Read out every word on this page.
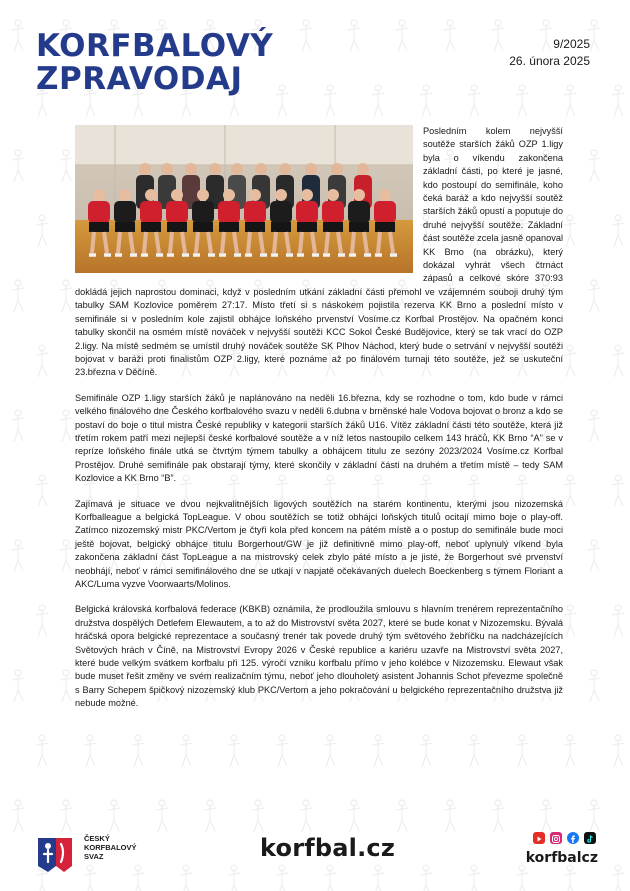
KORFBALOVÝ
ZPRAVODAJ
9/2025
26. února 2025

Posledním kolem nejvyšší soutěže starších žáků OZP 1.ligy byla o víkendu zakončena základní části, po které je jasné, kdo postoupí do semifinále, koho čeká baráž a kdo nejvyšší soutěž starších žáků opustí a poputuje do druhé nejvyšší soutěže. Základní část soutěže zcela jasně opanoval KK Brno (na obrázku), který dokázal vyhrát všech čtrnáct zápasů a celkové skóre 370:93 dokládá jejich naprostou dominaci, když v posledním utkání základní části přemohl ve vzájemném souboji druhý tým tabulky SAM Kozlovice poměrem 27:17. Místo třetí si s náskokem pojistila rezerva KK Brno a poslední místo v semifinále si v posledním kole zajistil obhájce loňského prvenství Vosíme.cz Korfbal Prostějov. Na opačném konci tabulky skončil na osmém místě nováček v nejvyšší soutěži KCC Sokol České Budějovice, který se tak vrací do OZP 2.ligy. Na místě sedmém se umístil druhý nováček soutěže SK Plhov Náchod, který bude o setrvání v nejvyšší soutěži bojovat v baráži proti finalistům OZP 2.ligy, které poznáme až po finálovém turnaji této soutěže, jež se uskuteční 23.března v Děčíně.

Semifinále OZP 1.ligy starších žáků je naplánováno na neděli 16.března, kdy se rozhodne o tom, kdo bude v rámci velkého finálového dne Českého korfbalového svazu v neděli 6.dubna v brněnské hale Vodova bojovat o bronz a kdo se postaví do boje o titul mistra České republiky v kategorii starších žáků U16. Vítěz základní části této soutěže, která již třetím rokem patří mezi nejlepší české korfbalové soutěže a v níž letos nastoupilo celkem 143 hráčů, KK Brno “A” se v repríze loňského finále utká se čtvrtým týmem tabulky a obhájcem titulu ze sezóny 2023/2024 Vosíme.cz Korfbal Prostějov. Druhé semifinále pak obstarají týmy, které skončily v základní části na druhém a třetím místě – tedy SAM Kozlovice a KK Brno “B”.

Zajímavá je situace ve dvou nejkvalitnějších ligových soutěžích na starém kontinentu, kterými jsou nizozemská Korfballeague a belgická TopLeague. V obou soutěžích se totiž obhájci loňských titulů ocitají mimo boje o play-off. Zatímco nizozemský mistr PKC/Vertom je čtyři kola před koncem na pátém místě a o postup do semifinále bude moci ještě bojovat, belgický obhájce titulu Borgerhout/GW je již definitivně mimo play-off, neboť uplynulý víkend byla zakončena základní část TopLeague a na mistrovský celek zbylo páté místo a je jisté, že Borgerhout své prvenství neobhájí, neboť v rámci semifinálového dne se utkají v napjatě očekávaných duelech Boeckenberg s týmem Floriant a AKC/Luma vyzve Voorwaarts/Molinos.

Belgická královská korfbalová federace (KBKB) oznámila, že prodloužila smlouvu s hlavním trenérem reprezentačního družstva dospělých Detlefem Elewautem, a to až do Mistrovství světa 2027, které se bude konat v Nizozemsku. Bývalá hráčská opora belgické reprezentace a současný trenér tak povede druhý tým světového žebříčku na nadcházejících Světových hrách v Číně, na Mistrovství Evropy 2026 v České republice a kariéru uzavře na Mistrovství světa 2027, které bude velkým svátkem korfbalu při 125. výročí vzniku korfbalu přímo v jeho kolébce v Nizozemsku. Elewaut však bude muset řešit změny ve svém realizačním týmu, neboť jeho dlouholetý asistent Johannis Schot převezme společně s Barry Schepem špičkový nizozemský klub PKC/Vertom a jeho pokračování u belgického reprezentačního družstva již nebude možné.

ČESKÝ
KORFBALOVÝ
SVAZ	korfbal.cz	korfbalcz
